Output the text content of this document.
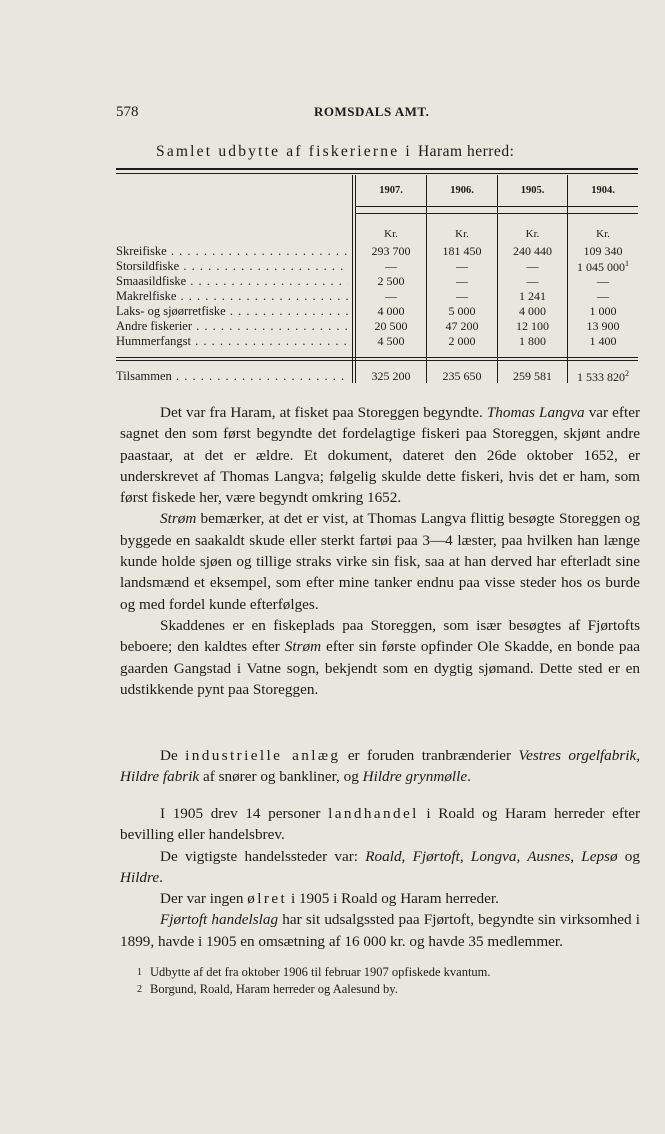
578	ROMSDALS AMT.
Samlet udbytte af fiskerierne i Haram herred:
1907.	1906.	1905.	1904.
Kr.	Kr.	Kr.	Kr.
Skreifiske . . .	293 700	181 450	240 440	109 340
Storsildfiske . . .	—	—	—	1 045 $000^1$
Smaasildfiske . . .	2 500	—	—	—
Makrelfiske . . .	—	—	1 241	—
Laks- og sjøørretfiske . . .	4 000	5 000	4 000	1 000
Andre fiskerier . . .	20 500	47 200	12 100	13 900
Hummerfangst . . .	4 500	2 000	1 800	1 400
Tilsammen . . .	325 200	235 650	259 581	1 533 $820^2$

Det var fra Haram, at fisket paa Storeggen begyndte. Thomas Langva var efter sagnet den som først begyndte det fordelagtige fiskeri paa Storeggen, skjønt andre paastaar, at det er ældre. Et dokument, dateret den 26de oktober 1652, er underskrevet af Thomas Langva; følgelig skulde dette fiskeri, hvis det er ham, som først fiskede her, være begyndt omkring 1652.

Strøm bemærker, at det er vist, at Thomas Langva flittig besøgte Storeggen og byggede en saakaldt skude eller sterkt fartøi paa 3—4 læster, paa hvilken han længe kunde holde sjøen og tillige straks virke sin fisk, saa at han derved har efterladt sine landsmænd et eksempel, som efter mine tanker endnu paa visse steder hos os burde og med fordel kunde efterfølges.

Skaddenes er en fiskeplads paa Storeggen, som især besøgtes af Fjørtofts beboere; den kaldtes efter Strøm efter sin første opfinder Ole Skadde, en bonde paa gaarden Gangstad i Vatne sogn, bekjendt som en dygtig sjømand. Dette sted er en udstikkende pynt paa Storeggen.

De industrielle anlæg er foruden tranbrænderier Vestres orgelfabrik, Hildre fabrik af snører og bankliner, og Hildre grynmølle.

I 1905 drev 14 personer landhandel i Roald og Haram herreder efter bevilling eller handelsbrev.

De vigtigste handelssteder var: Roald, Fjørtoft, Longva, Ausnes, Lepsø og Hildre.

Der var ingen ølret i 1905 i Roald og Haram herreder.

Fjørtoft handelslag har sit udsalgssted paa Fjørtoft, begyndte sin virksomhed i 1899, havde i 1905 en omsætning af 16 000 kr. og havde 35 medlemmer.

1 Udbytte af det fra oktober 1906 til februar 1907 opfiskede kvantum.
2 Borgund, Roald, Haram herreder og Aalesund by.
